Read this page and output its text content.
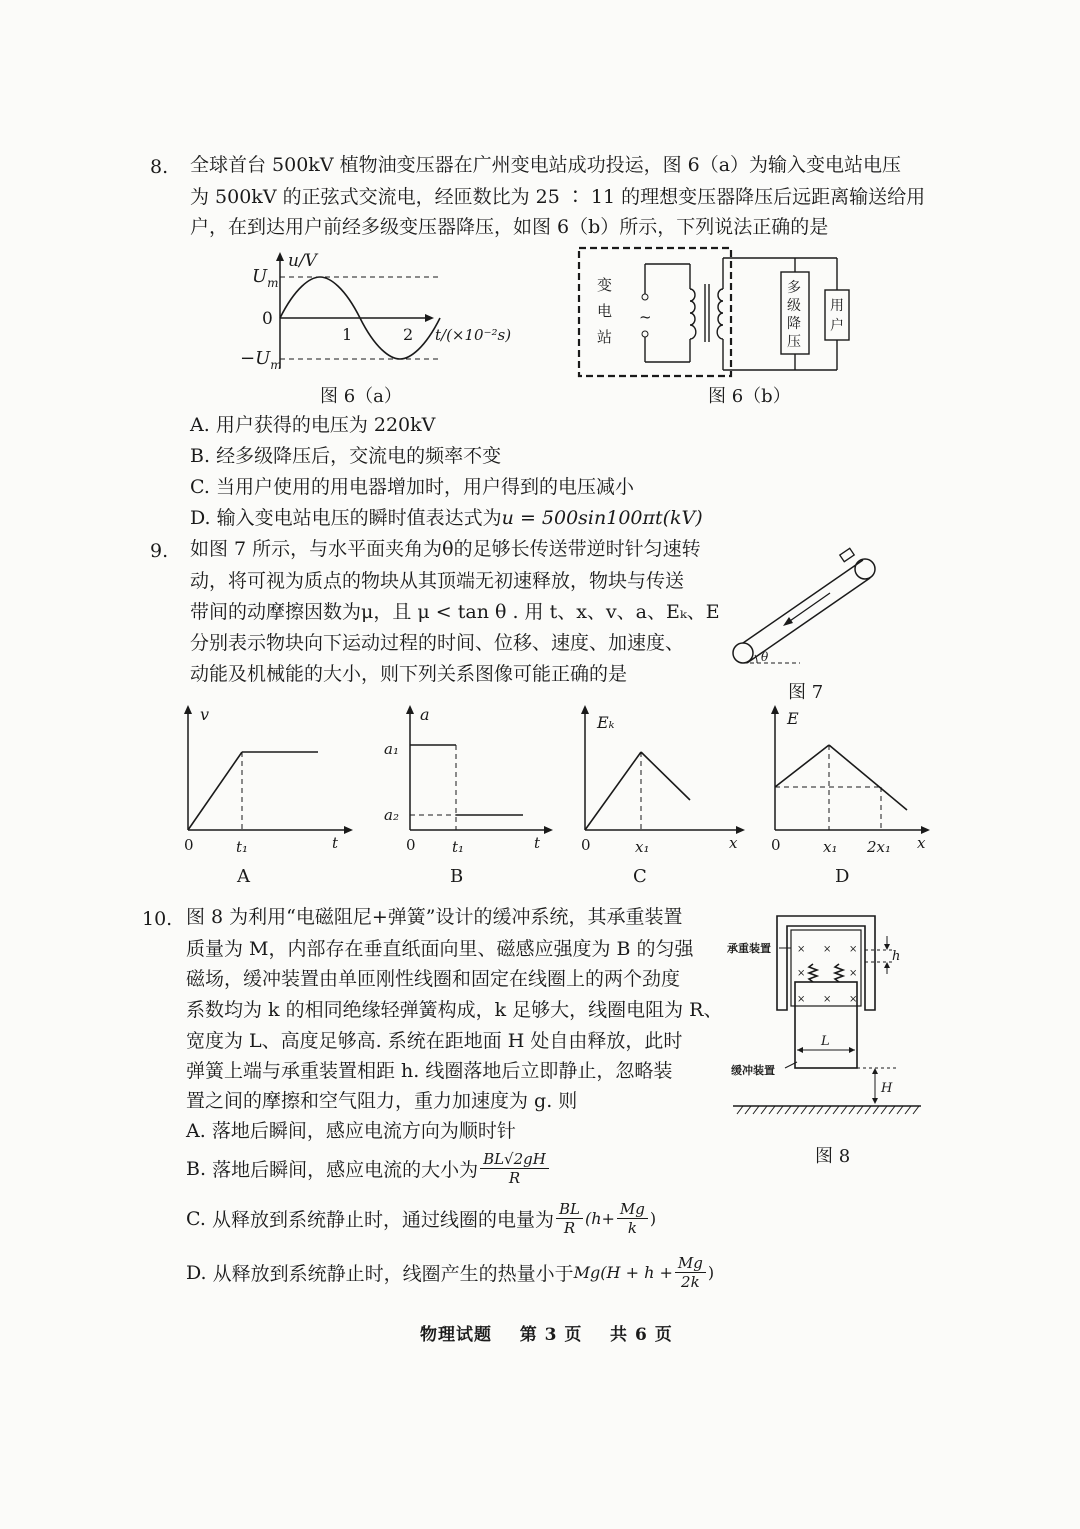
8. 全球首台 500kV 植物油变压器在广州变电站成功投运，图 6（a）为输入变电站电压
为 500kV 的正弦式交流电，经匝数比为 25 ∶ 11 的理想变压器降压后远距离输送给用
户，在到达用户前经多级变压器降压，如图 6（b）所示，下列说法正确的是
u/V
$U_m$
0
$-U_m$
1	2 t/(×10⁻²s)
图 6（a）
变
电
站
~
多
级
降
压
用
户
图 6（b）
A. 用户获得的电压为 220kV
B. 经多级降压后，交流电的频率不变
C. 当用户使用的用电器增加时，用户得到的电压减小
D. 输入变电站电压的瞬时值表达式为u = 500sin100πt(kV)
9. 如图 7 所示，与水平面夹角为θ的足够长传送带逆时针匀速转
动，将可视为质点的物块从其顶端无初速释放，物块与传送
带间的动摩擦因数为μ，且 μ < tan θ . 用 t、x、v、a、Eₖ、E
分别表示物块向下运动过程的时间、位移、速度、加速度、
动能及机械能的大小，则下列关系图像可能正确的是
θ
图 7
v
0	t₁	t
A
a
a₁
a₂
0 t₁	t
B
Eₖ
0	x₁	x
C
E
0	x₁ 2x₁ x
D
10. 图 8 为利用“电磁阻尼+弹簧”设计的缓冲系统，其承重装置
质量为 M，内部存在垂直纸面向里、磁感应强度为 B 的匀强
磁场，缓冲装置由单匝刚性线圈和固定在线圈上的两个劲度
系数均为 k 的相同绝缘轻弹簧构成，k 足够大，线圈电阻为 R、
宽度为 L、高度足够高. 系统在距地面 H 处自由释放，此时
弹簧上端与承重装置相距 h. 线圈落地后立即静止，忽略装
置之间的摩擦和空气阻力，重力加速度为 g. 则
× × ×
×	×
× × ×
h
L
承重装置
缓冲装置
H
图 8
A. 落地后瞬间，感应电流方向为顺时针
B.
落地后瞬间，感应电流的大小为 $\frac{BL√2gH}{R}$
C.
从释放到系统静止时，通过线圈的电量为 $\frac{BL}{R} (h+ \frac{Mg}{k}$ )
D.
从释放到系统静止时，线圈产生的热量小于 Mg ($H + h + \frac{Mg}{2k}$ )
物理试题 第 3 页 共 6 页
